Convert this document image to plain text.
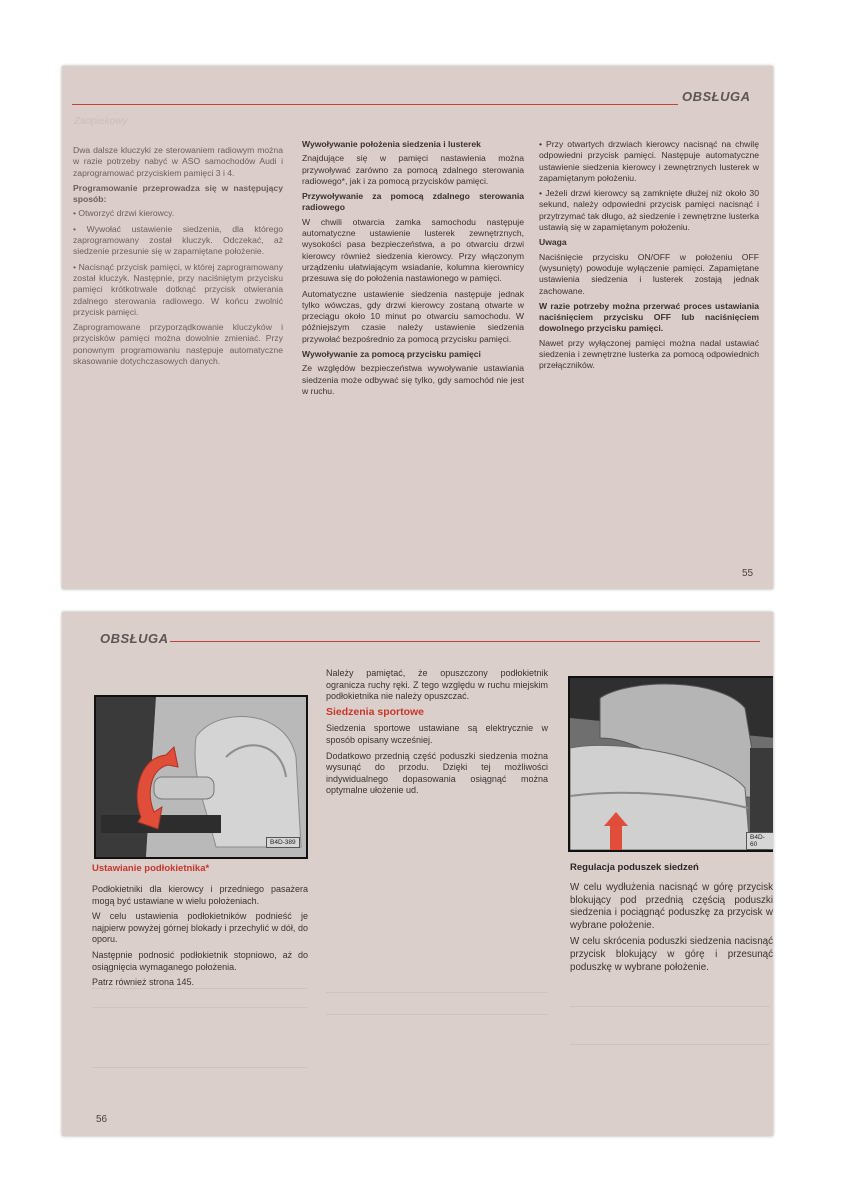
OBSŁUGA
Zaopiekowy

Dwa dalsze kluczyki ze sterowaniem radiowym można w razie potrzeby nabyć w ASO samochodów Audi i zaprogramować przyciskiem pamięci 3 i 4.

Programowanie przeprowadza się w następujący sposób:

• Otworzyć drzwi kierowcy.

• Wywołać ustawienie siedzenia, dla którego zaprogramowany został kluczyk. Odczekać, aż siedzenie przesunie się w zapamiętane położenie.

• Nacisnąć przycisk pamięci, w której zaprogramowany został kluczyk. Następnie, przy naciśniętym przycisku pamięci krótkotrwale dotknąć przycisk otwierania zdalnego sterowania radiowego. W końcu zwolnić przycisk pamięci.

Zaprogramowane przyporządkowanie kluczyków i przycisków pamięci można dowolnie zmieniać. Przy ponownym programowaniu następuje automatyczne skasowanie dotychczasowych danych.

Wywoływanie położenia siedzenia i lusterek

Znajdujące się w pamięci nastawienia można przywoływać zarówno za pomocą zdalnego sterowania radiowego*, jak i za pomocą przycisków pamięci.

Przywoływanie za pomocą zdalnego sterowania radiowego

W chwili otwarcia zamka samochodu następuje automatyczne ustawienie lusterek zewnętrznych, wysokości pasa bezpieczeństwa, a po otwarciu drzwi kierowcy również siedzenia kierowcy. Przy włączonym urządzeniu ułatwiającym wsiadanie, kolumna kierownicy przesuwa się do położenia nastawionego w pamięci.

Automatyczne ustawienie siedzenia następuje jednak tylko wówczas, gdy drzwi kierowcy zostaną otwarte w przeciągu około 10 minut po otwarciu samochodu. W późniejszym czasie należy ustawienie siedzenia przywołać bezpośrednio za pomocą przycisku pamięci.

Wywoływanie za pomocą przycisku pamięci

Ze względów bezpieczeństwa wywoływanie ustawiania siedzenia może odbywać się tylko, gdy samochód nie jest w ruchu.

• Przy otwartych drzwiach kierowcy nacisnąć na chwilę odpowiedni przycisk pamięci. Następuje automatyczne ustawienie siedzenia kierowcy i zewnętrznych lusterek w zapamiętanym położeniu.

• Jeżeli drzwi kierowcy są zamknięte dłużej niż około 30 sekund, należy odpowiedni przycisk pamięci nacisnąć i przytrzymać tak długo, aż siedzenie i zewnętrzne lusterka ustawią się w zapamiętanym położeniu.

Uwaga

Naciśnięcie przycisku ON/OFF w położeniu OFF (wysunięty) powoduje wyłączenie pamięci. Zapamiętane ustawienia siedzenia i lusterek zostają jednak zachowane.

W razie potrzeby można przerwać proces ustawiania naciśnięciem przycisku OFF lub naciśnięciem dowolnego przycisku pamięci.

Nawet przy wyłączonej pamięci można nadal ustawiać siedzenia i zewnętrzne lusterka za pomocą odpowiednich przełączników.

55
OBSŁUGA
B4D-389
Ustawianie podłokietnika*

Podłokietniki dla kierowcy i przedniego pasażera mogą być ustawiane w wielu położeniach.

W celu ustawienia podłokietników podnieść je najpierw powyżej górnej blokady i przechylić w dół, do oporu.

Następnie podnosić podłokietnik stopniowo, aż do osiągnięcia wymaganego położenia.

Patrz również strona 145.

Należy pamiętać, że opuszczony podłokietnik ogranicza ruchy ręki. Z tego względu w ruchu miejskim podłokietnika nie należy opuszczać.

Siedzenia sportowe

Siedzenia sportowe ustawiane są elektrycznie w sposób opisany wcześniej.

Dodatkowo przednią część poduszki siedzenia można wysunąć do przodu. Dzięki tej możliwości indywidualnego dopasowania osiągnąć można optymalne ułożenie ud.

B4D-60
Regulacja poduszek siedzeń

W celu wydłużenia nacisnąć w górę przycisk blokujący pod przednią częścią poduszki siedzenia i pociągnąć poduszkę za przycisk w wybrane położenie.

W celu skrócenia poduszki siedzenia nacisnąć przycisk blokujący w górę i przesunąć poduszkę w wybrane położenie.

56
